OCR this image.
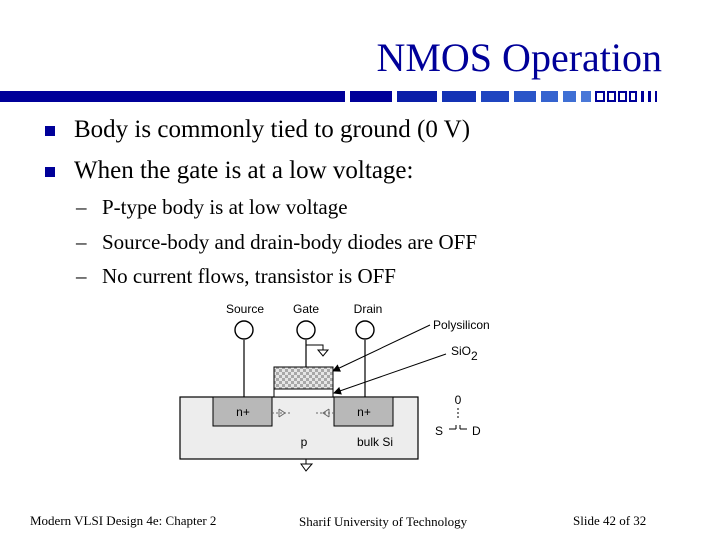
NMOS Operation
Body is commonly tied to ground (0 V)
When the gate is at a low voltage:
– P-type body is at low voltage
– Source-body and drain-body diodes are OFF
– No current flows, transistor is OFF
Source Gate	Drain
Polysilicon
SiO2
n+	n+
p	bulk Si
0
S D
Modern VLSI Design 4e: Chapter 2	Sharif University of Technology	Slide 42 of 32
